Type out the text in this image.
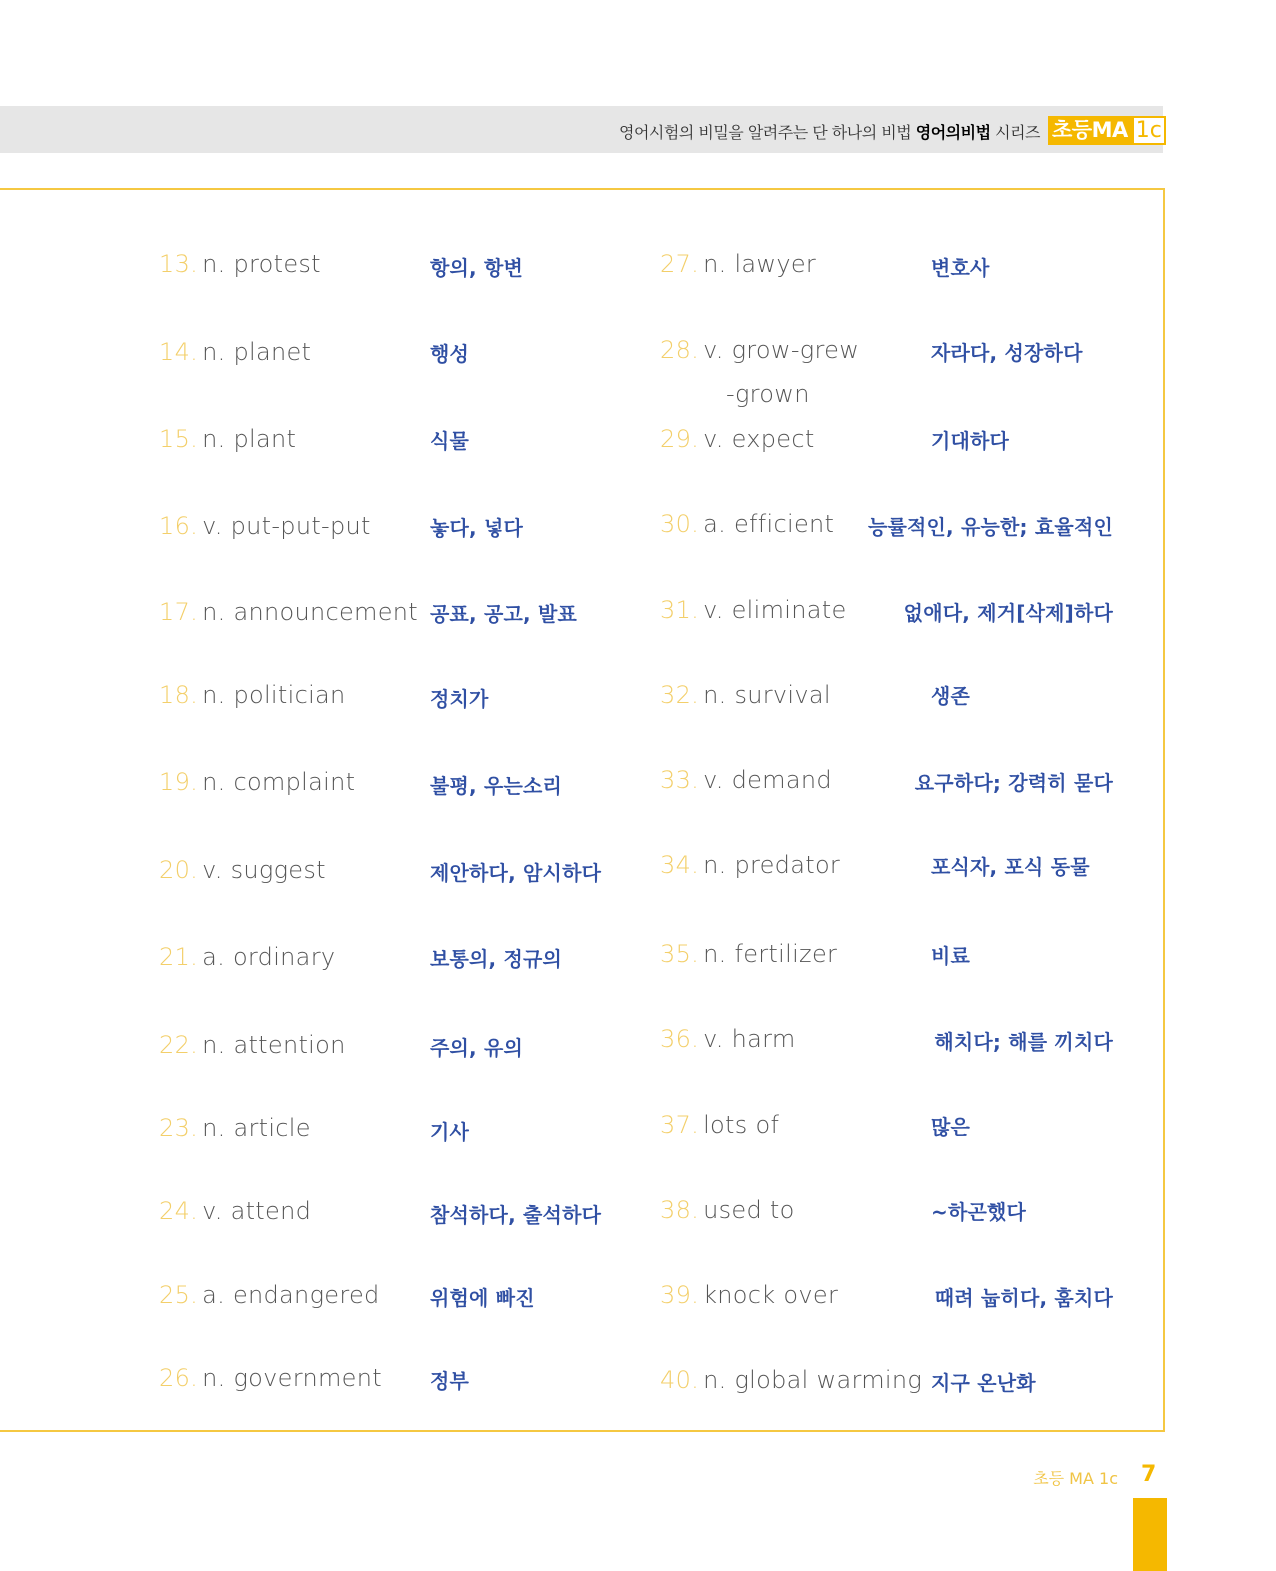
영어시험의 비밀을 알려주는 단 하나의 비법 영어의비법 시리즈 초등MA 1c
13. n. protest	항의, 항변
14. n. planet	행성
15. n. plant	식물
16. v. put-put-put	놓다, 넣다
17. n. announcement 공표, 공고, 발표
18. n. politician	정치가
19. n. complaint	불평, 우는소리
20. v. suggest	제안하다, 암시하다
21. a. ordinary	보통의, 정규의
22. n. attention	주의, 유의
23. n. article	기사
24. v. attend	참석하다, 출석하다
25. a. endangered	위험에 빠진
26. n. government 정부
27. n. lawyer	변호사
28. v. grow-grew
-grown
자라다, 성장하다
29. v. expect	기대하다
30. a. efficient 능률적인, 유능한; 효율적인
31. v. eliminate	없애다, 제거[삭제]하다
32. n. survival	생존
33. v. demand	요구하다; 강력히 묻다
34. n. predator	포식자, 포식 동물
35. n. fertilizer	비료
36. v. harm	해치다; 해를 끼치다
37. lots of	많은
38. used to	~하곤했다
39. knock over	때려 눕히다, 훔치다
40. n. global warming 지구 온난화
초등 MA 1c 7
